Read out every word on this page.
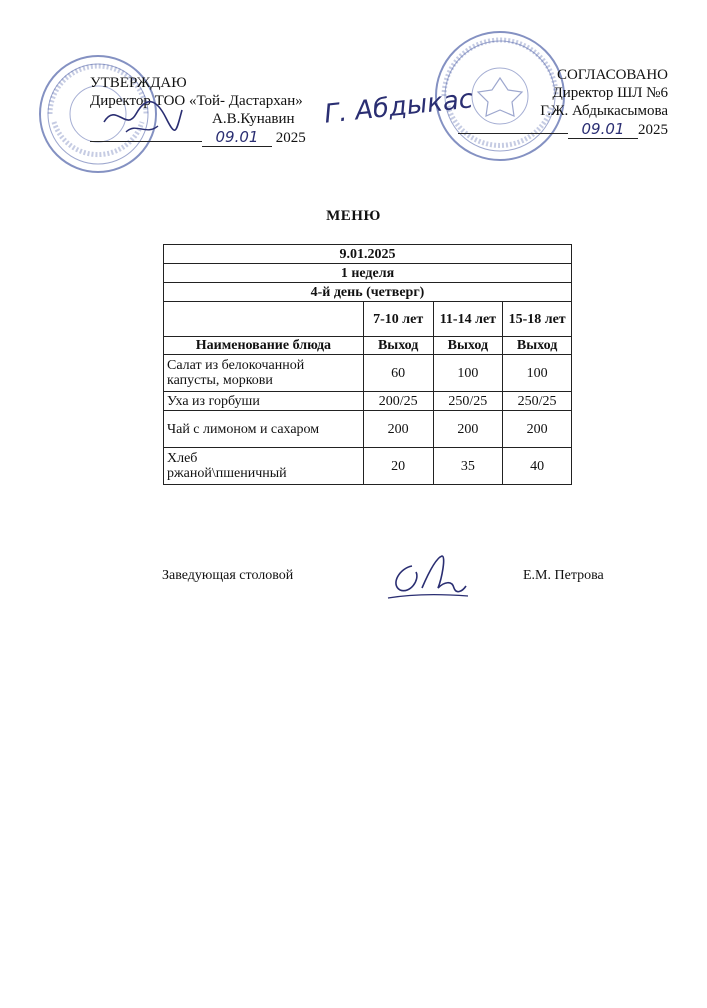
УТВЕРЖДАЮ
Директор ТОО «Той- Дастархан»
А.В.Кунавин
09.01 2025
Г. Абдыкас
СОГЛАСОВАНО
Директор ШЛ №6
Г.Ж. Абдыкасымова
09.01 2025
МЕНЮ
9.01.2025			
1 неделя			
4-й день (четверг)			
	7-10 лет	11-14 лет	15-18 лет
Наименование блюда	Выход	Выход	Выход
Салат из белокочанной капусты, моркови	60	100	100
Уха из горбуши	200/25	250/25	250/25
Чай с лимоном и сахаром	200	200	200
Хлеб ржаной\пшеничный	20	35	40
Заведующая столовой	Е.М. Петрова
